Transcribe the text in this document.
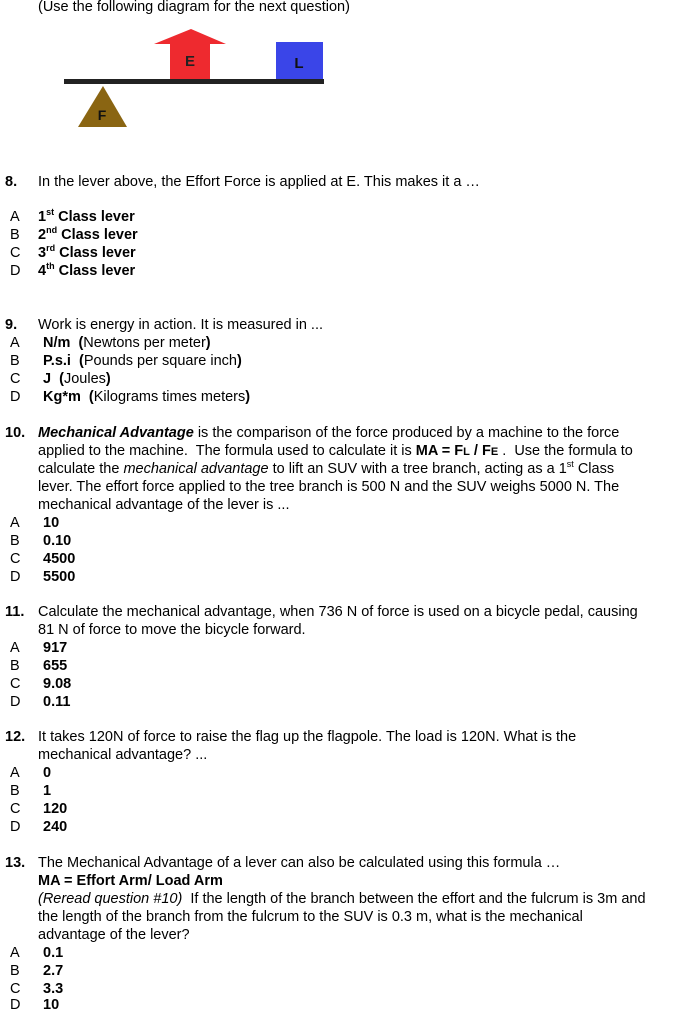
(Use the following diagram for the next question)
E	L
F
8. In the lever above, the Effort Force is applied at E. This makes it a …
A 1st Class lever
B 2nd Class lever
C 3rd Class lever
D 4th Class lever
9. Work is energy in action. It is measured in ...
A N/m  (Newtons per meter)
B P.s.i  (Pounds per square inch)
C J  (Joules)
D Kg*m  (Kilograms times meters)
10. Mechanical Advantage is the comparison of the force produced by a machine to the force
applied to the machine.  The formula used to calculate it is MA = FL / FE .  Use the formula to
calculate the mechanical advantage to lift an SUV with a tree branch, acting as a 1st Class
lever. The effort force applied to the tree branch is 500 N and the SUV weighs 5000 N. The
mechanical advantage of the lever is ...
A 10
B 0.10
C 4500
D 5500
11. Calculate the mechanical advantage, when 736 N of force is used on a bicycle pedal, causing
81 N of force to move the bicycle forward.
A 917
B 655
C 9.08
D 0.11
12. It takes 120N of force to raise the flag up the flagpole. The load is 120N. What is the
mechanical advantage? ...
A 0
B 1
C 120
D 240
13. The Mechanical Advantage of a lever can also be calculated using this formula …
MA = Effort Arm/ Load Arm
(Reread question #10)  If the length of the branch between the effort and the fulcrum is 3m and
the length of the branch from the fulcrum to the SUV is 0.3 m, what is the mechanical
advantage of the lever?
A 0.1
B 2.7
C 3.3
D 10
